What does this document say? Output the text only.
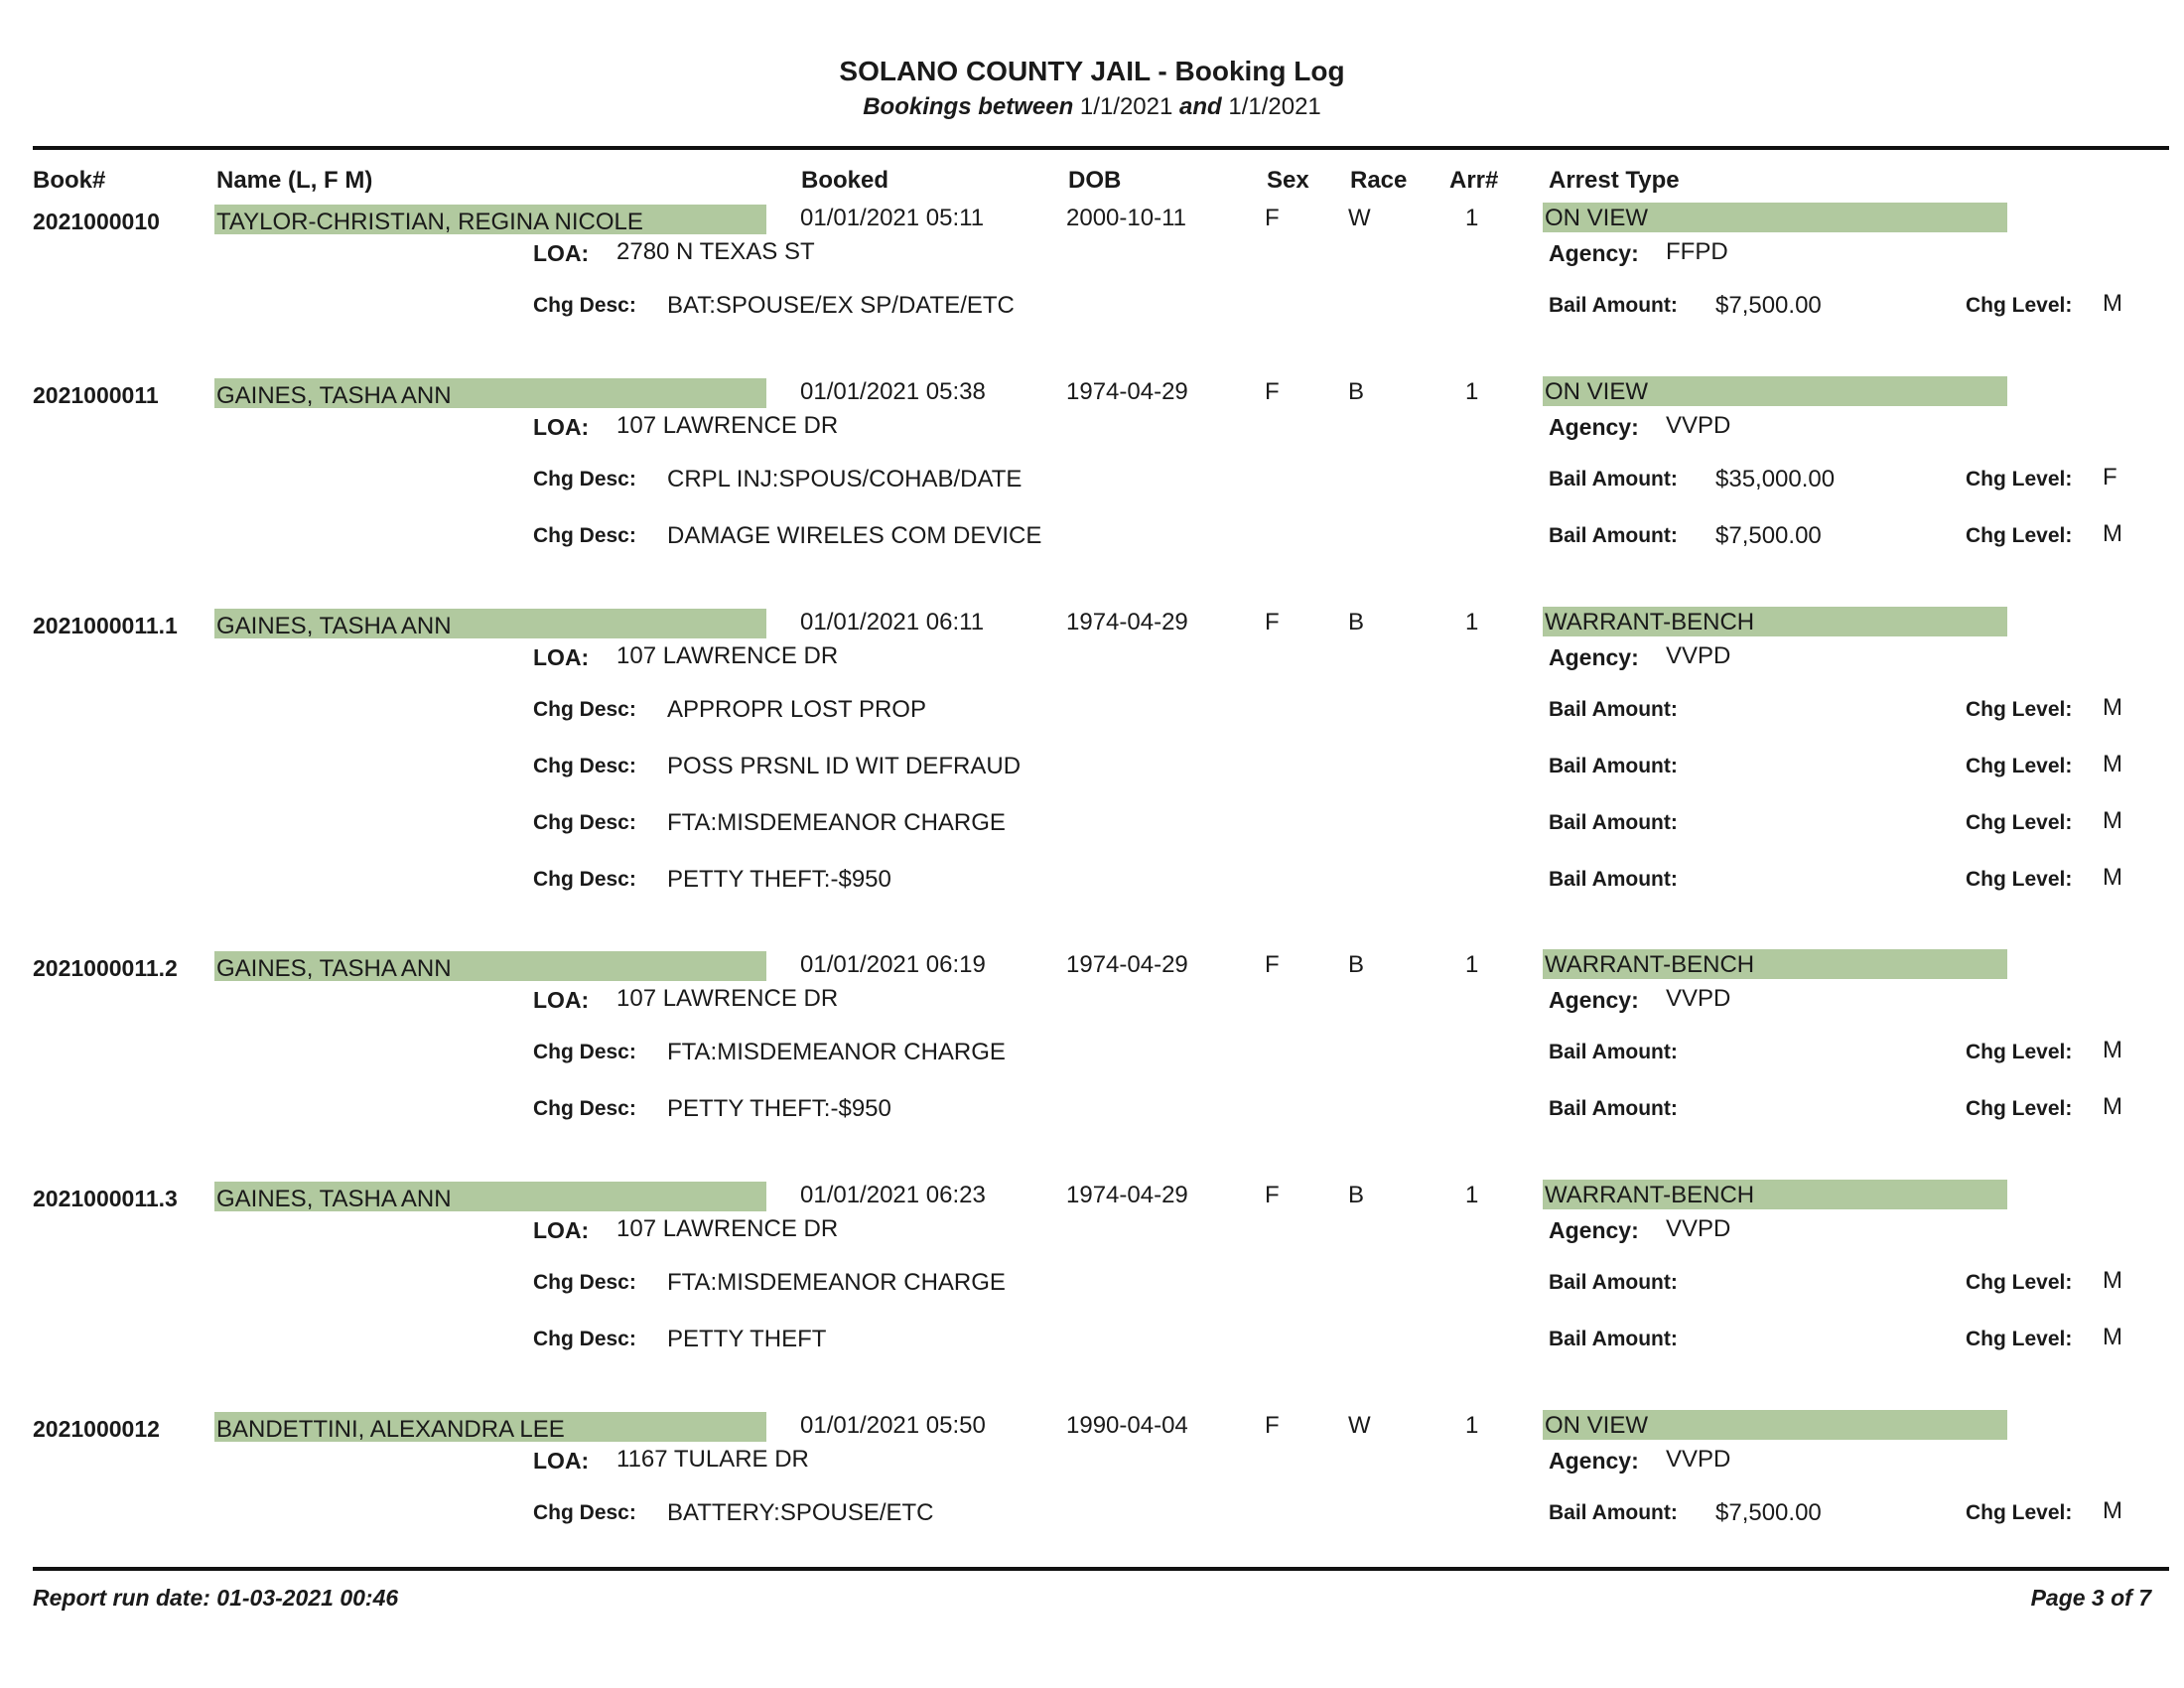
SOLANO COUNTY JAIL - Booking Log
Bookings between 1/1/2021 and 1/1/2021
Book#	Name (L, F M)	Booked	DOB	Sex Race Arr# Arrest Type
2021000010 TAYLOR-CHRISTIAN, REGINA NICOLE	01/01/2021 05:11	2000-10-11	F	W	1	ON VIEW
LOA: 2780 N TEXAS ST	Agency: FFPD
Chg Desc: BAT:SPOUSE/EX SP/DATE/ETC	Bail Amount: $7,500.00	Chg Level: M
2021000011 GAINES, TASHA ANN	01/01/2021 05:38	1974-04-29	F	B	1	ON VIEW
LOA: 107 LAWRENCE DR	Agency: VVPD
Chg Desc: CRPL INJ:SPOUS/COHAB/DATE	Bail Amount: $35,000.00	Chg Level: F
Chg Desc: DAMAGE WIRELES COM DEVICE	Bail Amount: $7,500.00	Chg Level: M
2021000011.1 GAINES, TASHA ANN	01/01/2021 06:11	1974-04-29	F	B	1	WARRANT-BENCH
LOA: 107 LAWRENCE DR	Agency: VVPD
Chg Desc: APPROPR LOST PROP	Bail Amount:	Chg Level: M
Chg Desc: POSS PRSNL ID WIT DEFRAUD	Bail Amount:	Chg Level: M
Chg Desc: FTA:MISDEMEANOR CHARGE	Bail Amount:	Chg Level: M
Chg Desc: PETTY THEFT:-$950	Bail Amount:	Chg Level: M
2021000011.2 GAINES, TASHA ANN	01/01/2021 06:19	1974-04-29	F	B	1	WARRANT-BENCH
LOA: 107 LAWRENCE DR	Agency: VVPD
Chg Desc: FTA:MISDEMEANOR CHARGE	Bail Amount:	Chg Level: M
Chg Desc: PETTY THEFT:-$950	Bail Amount:	Chg Level: M
2021000011.3 GAINES, TASHA ANN	01/01/2021 06:23	1974-04-29	F	B	1	WARRANT-BENCH
LOA: 107 LAWRENCE DR	Agency: VVPD
Chg Desc: FTA:MISDEMEANOR CHARGE	Bail Amount:	Chg Level: M
Chg Desc: PETTY THEFT	Bail Amount:	Chg Level: M
2021000012 BANDETTINI, ALEXANDRA LEE	01/01/2021 05:50	1990-04-04	F	W	1	ON VIEW
LOA: 1167 TULARE DR	Agency: VVPD
Chg Desc: BATTERY:SPOUSE/ETC	Bail Amount: $7,500.00	Chg Level: M
Report run date: 01-03-2021 00:46	Page 3 of 7
